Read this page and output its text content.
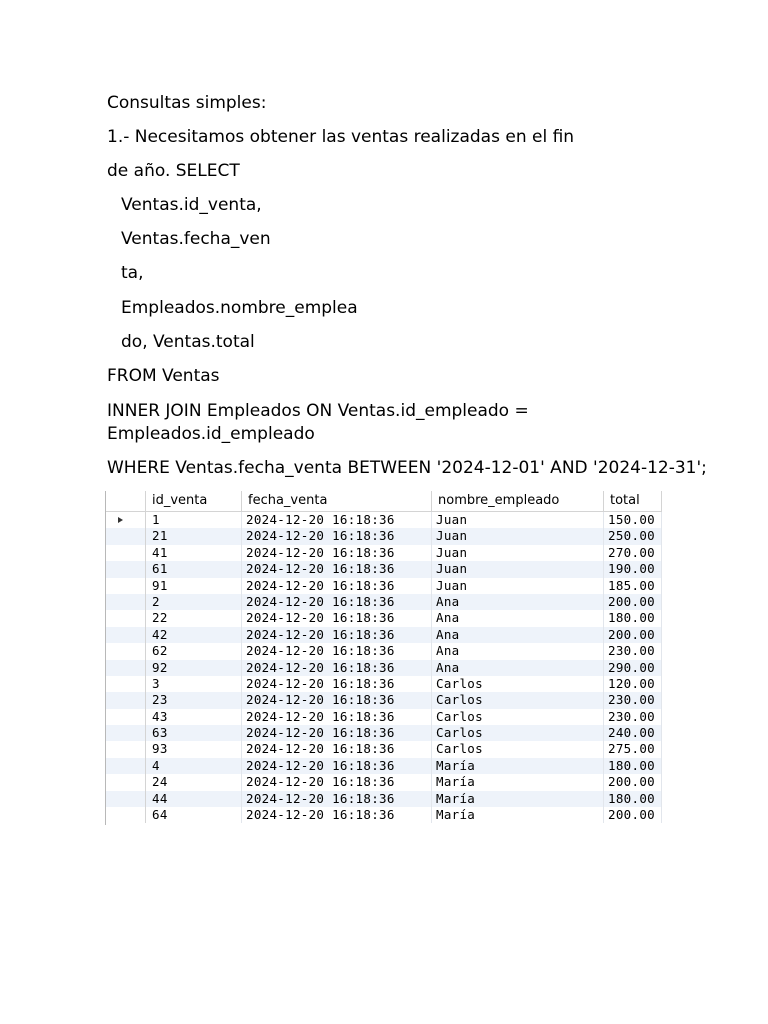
Consultas simples:
1.- Necesitamos obtener las ventas realizadas en el fin
de año. SELECT
Ventas.id_venta,
Ventas.fecha_ven
ta,
Empleados.nombre_emplea
do, Ventas.total
FROM Ventas
INNER JOIN Empleados ON Ventas.id_empleado =
Empleados.id_empleado
WHERE Ventas.fecha_venta BETWEEN '2024-12-01' AND '2024-12-31';
id_venta	fecha_venta	nombre_empleado	total
1	2024-12-20 16:18:36	Juan	150.00
21	2024-12-20 16:18:36	Juan	250.00
41	2024-12-20 16:18:36	Juan	270.00
61	2024-12-20 16:18:36	Juan	190.00
91	2024-12-20 16:18:36	Juan	185.00
2	2024-12-20 16:18:36	Ana	200.00
22	2024-12-20 16:18:36	Ana	180.00
42	2024-12-20 16:18:36	Ana	200.00
62	2024-12-20 16:18:36	Ana	230.00
92	2024-12-20 16:18:36	Ana	290.00
3	2024-12-20 16:18:36	Carlos	120.00
23	2024-12-20 16:18:36	Carlos	230.00
43	2024-12-20 16:18:36	Carlos	230.00
63	2024-12-20 16:18:36	Carlos	240.00
93	2024-12-20 16:18:36	Carlos	275.00
4	2024-12-20 16:18:36	María	180.00
24	2024-12-20 16:18:36	María	200.00
44	2024-12-20 16:18:36	María	180.00
64	2024-12-20 16:18:36	María	200.00
